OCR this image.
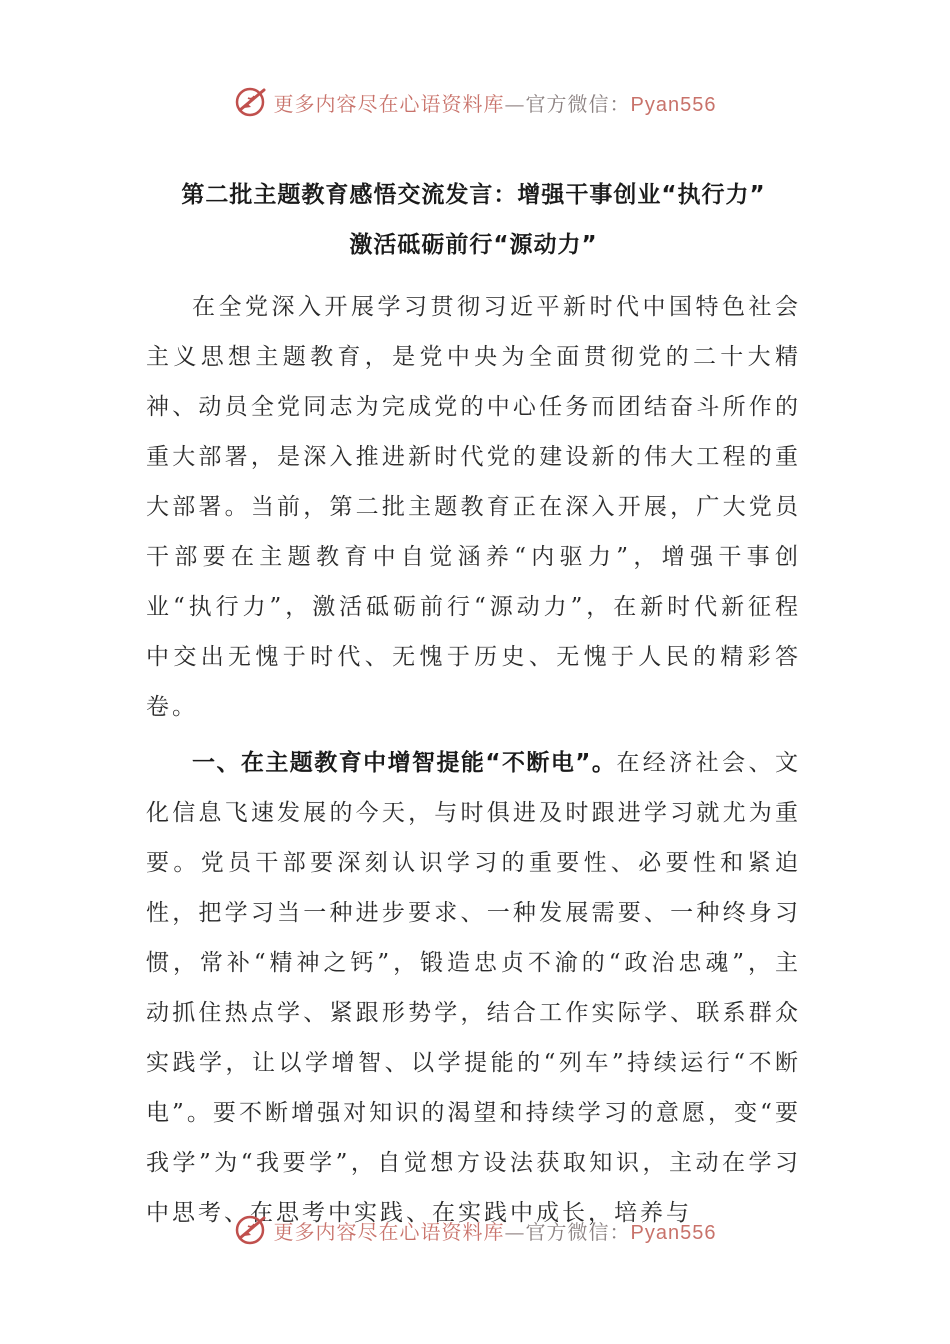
更多内容尽在心语资料库—官方微信：Pyan556

第二批主题教育感悟交流发言：增强干事创业“执行力”

激活砥砺前行“源动力”

在全党深入开展学习贯彻习近平新时代中国特色社会主义思想主题教育，是党中央为全面贯彻党的二十大精神、动员全党同志为完成党的中心任务而团结奋斗所作的重大部署，是深入推进新时代党的建设新的伟大工程的重大部署。当前，第二批主题教育正在深入开展，广大党员干部要在主题教育中自觉涵养“内驱力”，增强干事创业“执行力”，激活砥砺前行“源动力”，在新时代新征程中交出无愧于时代、无愧于历史、无愧于人民的精彩答卷。

一、在主题教育中增智提能“不断电”。在经济社会、文化信息飞速发展的今天，与时俱进及时跟进学习就尤为重要。党员干部要深刻认识学习的重要性、必要性和紧迫性，把学习当一种进步要求、一种发展需要、一种终身习惯，常补“精神之钙”，锻造忠贞不渝的“政治忠魂”，主动抓住热点学、紧跟形势学，结合工作实际学、联系群众实践学，让以学增智、以学提能的“列车”持续运行“不断电”。要不断增强对知识的渴望和持续学习的意愿，变“要我学”为“我要学”，自觉想方设法获取知识，主动在学习中思考、在思考中实践、在实践中成长，培养与

更多内容尽在心语资料库—官方微信：Pyan556
